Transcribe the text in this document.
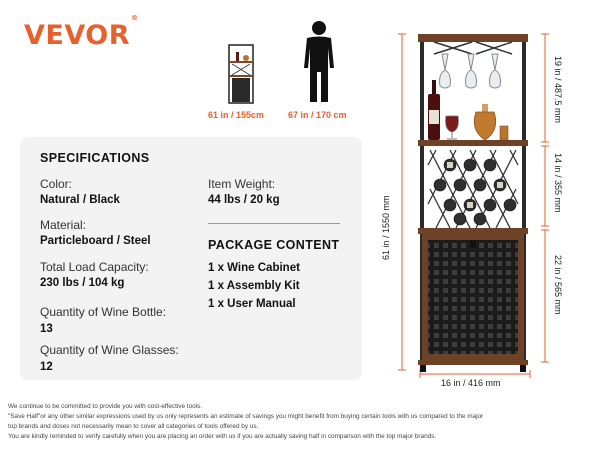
VEVOR®
61 in / 155cm	67 in / 170 cm
SPECIFICATIONS
Color:
Natural / Black
Material:
Particleboard / Steel
Total Load Capacity:
230 lbs / 104 kg
Quantity of Wine Bottle:
13
Quantity of Wine Glasses:
12
Item Weight:
44 lbs / 20 kg
PACKAGE CONTENT
1 x Wine Cabinet
1 x Assembly Kit
1 x User Manual
61 in / 1550 mm
19 in / 487.5 mm
14 in / 355 mm
22 in / 565 mm
16 in / 416 mm

We continue to be committed to provide you with cost-effective tools.

"Save Half"or any other similar expressions used by us only represents an estimate of savings you might benefit from buying certain tools with us compared to the major

top brands and doses not necessarily mean to cover all categories of tools offered by us.

You are kindly reminded to verify carefully when you are placing an order with us if you are actually saving half in comparison with the top major brands.
